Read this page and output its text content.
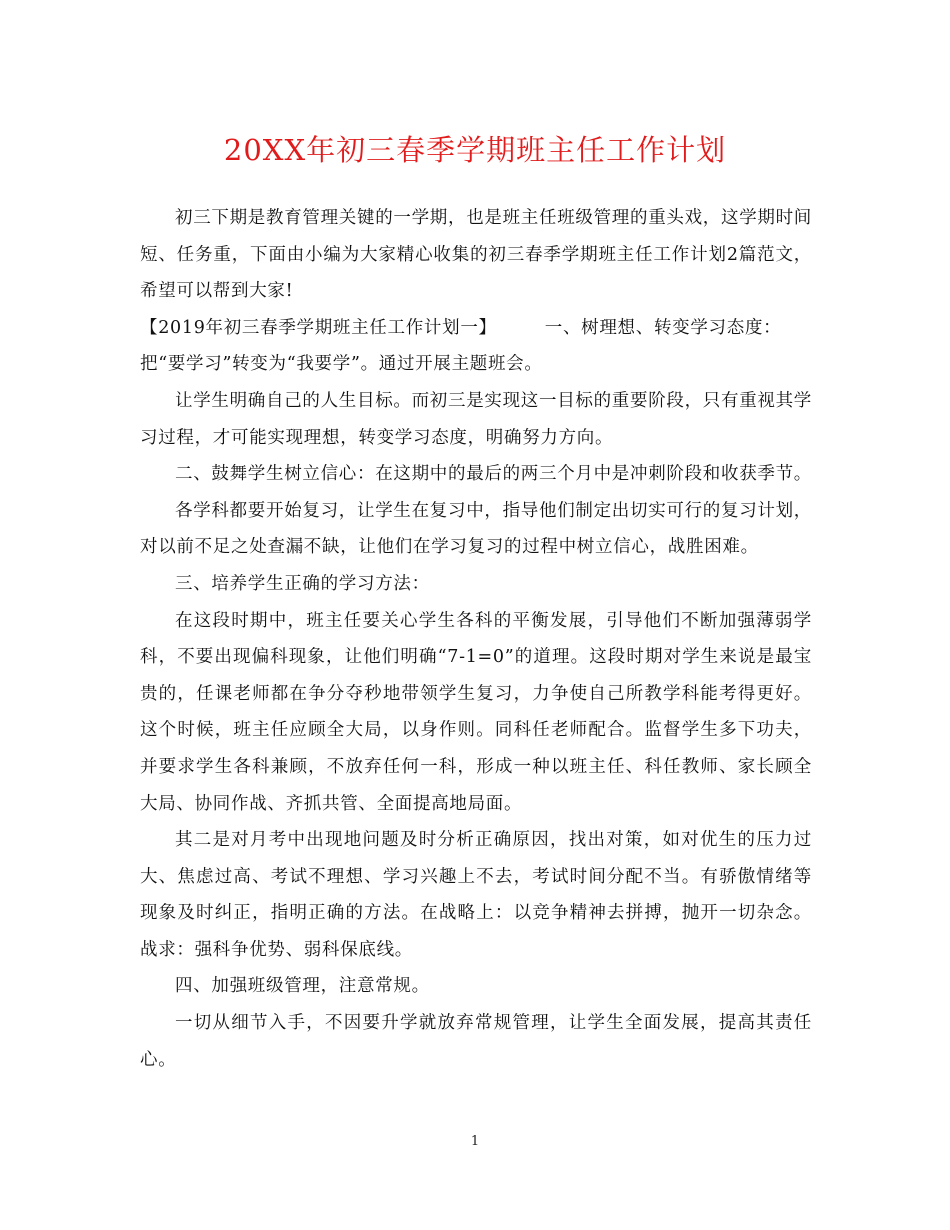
20XX年初三春季学期班主任工作计划

初三下期是教育管理关键的一学期，也是班主任班级管理的重头戏，这学期时间短、任务重，下面由小编为大家精心收集的初三春季学期班主任工作计划2篇范文，希望可以帮到大家!

【2019年初三春季学期班主任工作计划一】	一、树理想、转变学习态度：

把“要学习”转变为“我要学”。通过开展主题班会。

让学生明确自己的人生目标。而初三是实现这一目标的重要阶段，只有重视其学习过程，才可能实现理想，转变学习态度，明确努力方向。

二、鼓舞学生树立信心：在这期中的最后的两三个月中是冲刺阶段和收获季节。

各学科都要开始复习，让学生在复习中，指导他们制定出切实可行的复习计划，对以前不足之处查漏不缺，让他们在学习复习的过程中树立信心，战胜困难。

三、培养学生正确的学习方法：

在这段时期中，班主任要关心学生各科的平衡发展，引导他们不断加强薄弱学科，不要出现偏科现象，让他们明确“7-1=0”的道理。这段时期对学生来说是最宝贵的，任课老师都在争分夺秒地带领学生复习，力争使自己所教学科能考得更好。这个时候，班主任应顾全大局，以身作则。同科任老师配合。监督学生多下功夫，并要求学生各科兼顾，不放弃任何一科，形成一种以班主任、科任教师、家长顾全大局、协同作战、齐抓共管、全面提高地局面。

其二是对月考中出现地问题及时分析正确原因，找出对策，如对优生的压力过大、焦虑过高、考试不理想、学习兴趣上不去，考试时间分配不当。有骄傲情绪等现象及时纠正，指明正确的方法。在战略上：以竞争精神去拼搏，抛开一切杂念。战求：强科争优势、弱科保底线。

四、加强班级管理，注意常规。

一切从细节入手，不因要升学就放弃常规管理，让学生全面发展，提高其责任心。

1
